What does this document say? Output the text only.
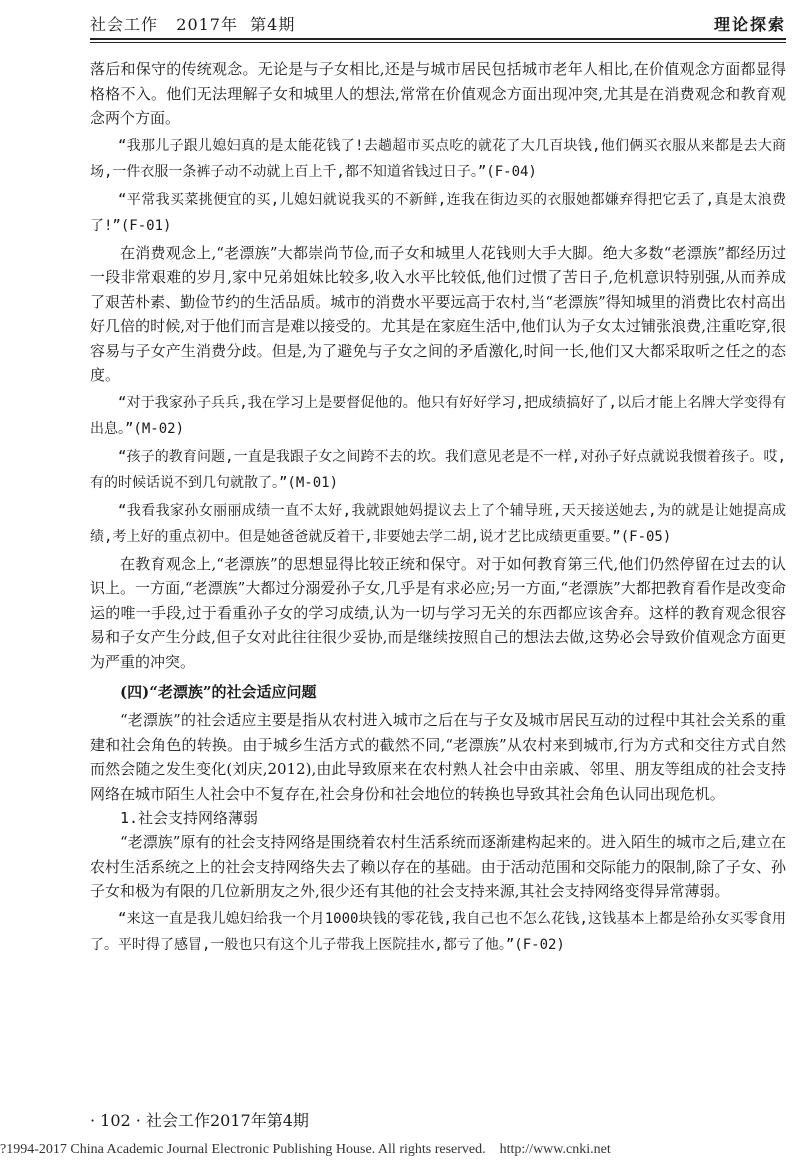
社会工作   2017年  第4期	理论探索

落后和保守的传统观念。无论是与子女相比,还是与城市居民包括城市老年人相比,在价值观念方面都显得格格不入。他们无法理解子女和城里人的想法,常常在价值观念方面出现冲突,尤其是在消费观念和教育观念两个方面。

“我那儿子跟儿媳妇真的是太能花钱了!去趟超市买点吃的就花了大几百块钱,他们俩买衣服从来都是去大商场,一件衣服一条裤子动不动就上百上千,都不知道省钱过日子。”(F-04)

“平常我买菜挑便宜的买,儿媳妇就说我买的不新鲜,连我在街边买的衣服她都嫌弃得把它丢了,真是太浪费了!”(F-01)

在消费观念上,“老漂族”大都崇尚节俭,而子女和城里人花钱则大手大脚。绝大多数“老漂族”都经历过一段非常艰难的岁月,家中兄弟姐妹比较多,收入水平比较低,他们过惯了苦日子,危机意识特别强,从而养成了艰苦朴素、勤俭节约的生活品质。城市的消费水平要远高于农村,当“老漂族”得知城里的消费比农村高出好几倍的时候,对于他们而言是难以接受的。尤其是在家庭生活中,他们认为子女太过铺张浪费,注重吃穿,很容易与子女产生消费分歧。但是,为了避免与子女之间的矛盾激化,时间一长,他们又大都采取听之任之的态度。

“对于我家孙子兵兵,我在学习上是要督促他的。他只有好好学习,把成绩搞好了,以后才能上名牌大学变得有出息。”(M-02)

“孩子的教育问题,一直是我跟子女之间跨不去的坎。我们意见老是不一样,对孙子好点就说我惯着孩子。哎,有的时候话说不到几句就散了。”(M-01)

“我看我家孙女丽丽成绩一直不太好,我就跟她妈提议去上了个辅导班,天天接送她去,为的就是让她提高成绩,考上好的重点初中。但是她爸爸就反着干,非要她去学二胡,说才艺比成绩更重要。”(F-05)

在教育观念上,“老漂族”的思想显得比较正统和保守。对于如何教育第三代,他们仍然停留在过去的认识上。一方面,“老漂族”大都过分溺爱孙子女,几乎是有求必应;另一方面,“老漂族”大都把教育看作是改变命运的唯一手段,过于看重孙子女的学习成绩,认为一切与学习无关的东西都应该舍弃。这样的教育观念很容易和子女产生分歧,但子女对此往往很少妥协,而是继续按照自己的想法去做,这势必会导致价值观念方面更为严重的冲突。

(四)“老漂族”的社会适应问题

“老漂族”的社会适应主要是指从农村进入城市之后在与子女及城市居民互动的过程中其社会关系的重建和社会角色的转换。由于城乡生活方式的截然不同,“老漂族”从农村来到城市,行为方式和交往方式自然而然会随之发生变化(刘庆,2012),由此导致原来在农村熟人社会中由亲戚、邻里、朋友等组成的社会支持网络在城市陌生人社会中不复存在,社会身份和社会地位的转换也导致其社会角色认同出现危机。

1.社会支持网络薄弱

“老漂族”原有的社会支持网络是围绕着农村生活系统而逐渐建构起来的。进入陌生的城市之后,建立在农村生活系统之上的社会支持网络失去了赖以存在的基础。由于活动范围和交际能力的限制,除了子女、孙子女和极为有限的几位新朋友之外,很少还有其他的社会支持来源,其社会支持网络变得异常薄弱。

“来这一直是我儿媳妇给我一个月1000块钱的零花钱,我自己也不怎么花钱,这钱基本上都是给孙女买零食用了。平时得了感冒,一般也只有这个儿子带我上医院挂水,都亏了他。”(F-02)

· 102 · 社会工作2017年第4期
?1994-2017 China Academic Journal Electronic Publishing House. All rights reserved.    http://www.cnki.net
